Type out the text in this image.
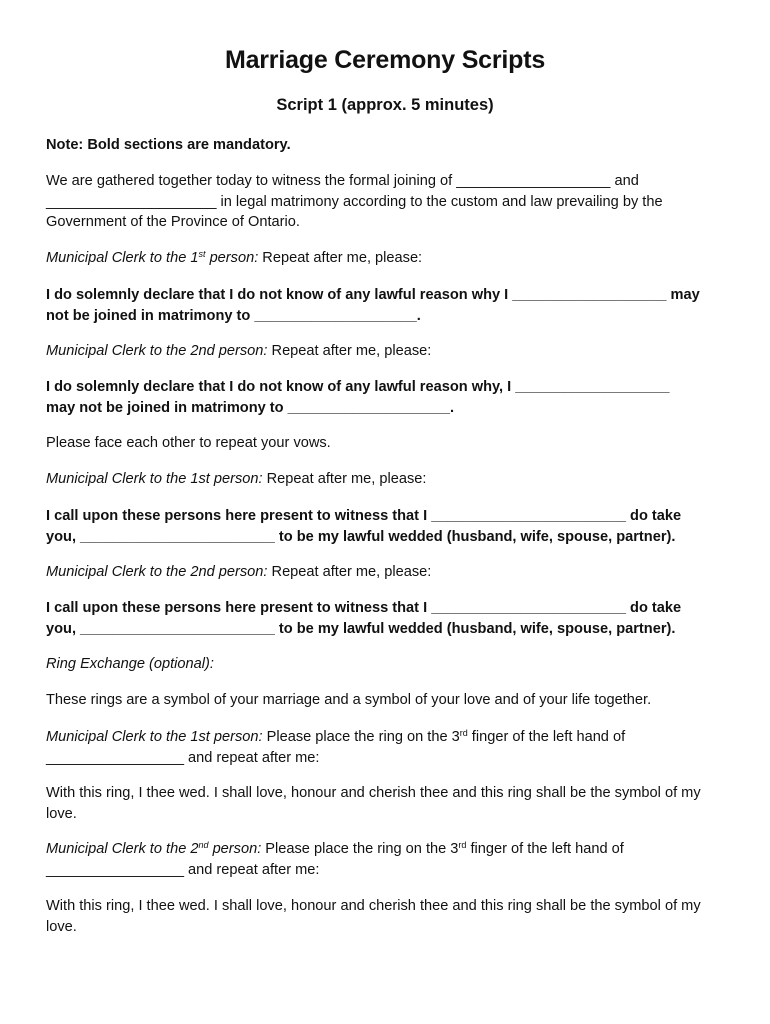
Marriage Ceremony Scripts
Script 1 (approx. 5 minutes)
Note: Bold sections are mandatory.
We are gathered together today to witness the formal joining of ___________________ and
_____________________ in legal matrimony according to the custom and law prevailing by the
Government of the Province of Ontario.
Municipal Clerk to the 1st person: Repeat after me, please:
I do solemnly declare that I do not know of any lawful reason why I ___________________ may
not be joined in matrimony to ____________________.
Municipal Clerk to the 2nd person: Repeat after me, please:
I do solemnly declare that I do not know of any lawful reason why, I ___________________
may not be joined in matrimony to ____________________.
Please face each other to repeat your vows.
Municipal Clerk to the 1st person: Repeat after me, please:
I call upon these persons here present to witness that I ________________________ do take
you, ________________________ to be my lawful wedded (husband, wife, spouse, partner).
Municipal Clerk to the 2nd person: Repeat after me, please:
I call upon these persons here present to witness that I ________________________ do take
you, ________________________ to be my lawful wedded (husband, wife, spouse, partner).
Ring Exchange (optional):
These rings are a symbol of your marriage and a symbol of your love and of your life together.
Municipal Clerk to the 1st person: Please place the ring on the 3rd finger of the left hand of
_________________ and repeat after me:
With this ring, I thee wed. I shall love, honour and cherish thee and this ring shall be the symbol of my
love.
Municipal Clerk to the 2nd person: Please place the ring on the 3rd finger of the left hand of
_________________ and repeat after me:
With this ring, I thee wed. I shall love, honour and cherish thee and this ring shall be the symbol of my
love.
